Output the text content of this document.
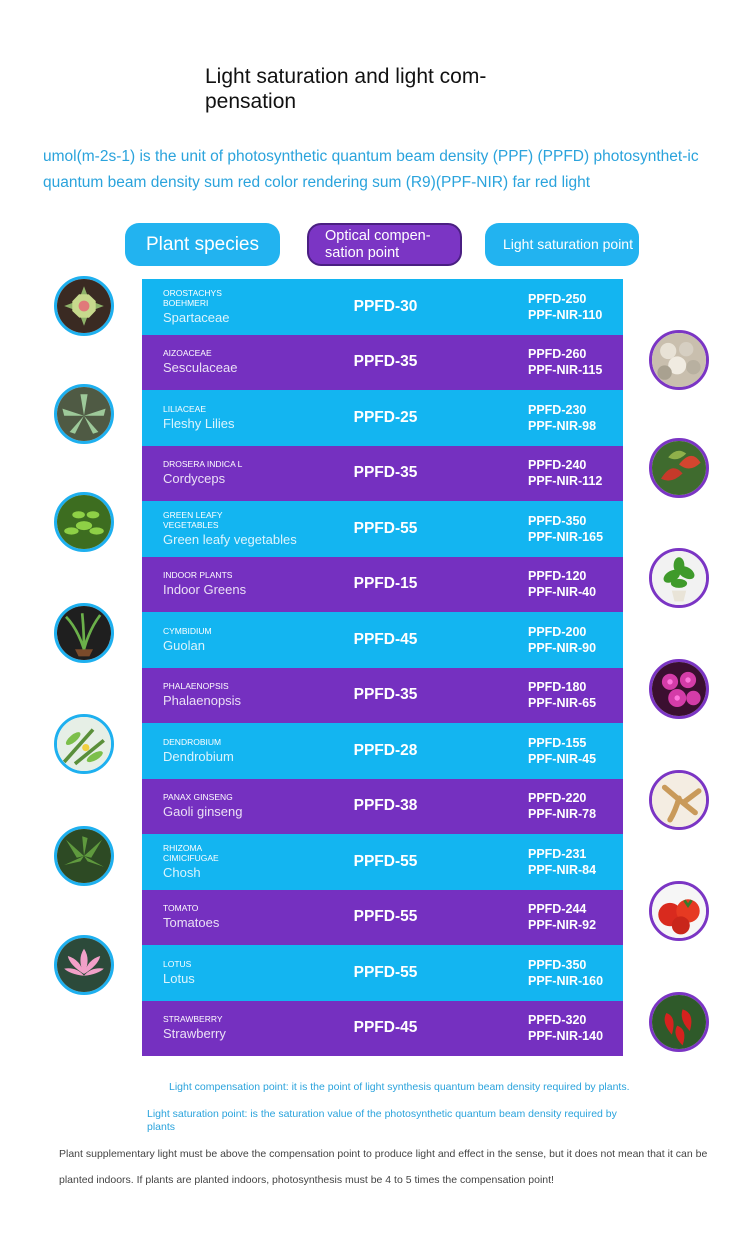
Light saturation and light com-
pensation
umol(m-2s-1) is the unit of photosynthetic quantum beam density (PPF) (PPFD) photosynthet-ic quantum beam density sum red color rendering sum (R9)(PPF-NIR) far red light
Plant species	Optical compen-sation point
Light saturation point
OROSTACHYS BOEHMERI
Spartaceae
PPFD-30	PPFD-250
PPF-NIR-110
AIZOACEAE
Sesculaceae	PPFD-35	PPFD-260
PPF-NIR-115
LILIACEAE
Fleshy Lilies	PPFD-25	PPFD-230
PPF-NIR-98
DROSERA INDICA L
Cordyceps	PPFD-35	PPFD-240
PPF-NIR-112
GREEN LEAFY VEGETABLES
Green leafy vegetables
PPFD-55	PPFD-350
PPF-NIR-165
INDOOR PLANTS
Indoor Greens	PPFD-15	PPFD-120
PPF-NIR-40
CYMBIDIUM
Guolan	PPFD-45	PPFD-200
PPF-NIR-90
PHALAENOPSIS
Phalaenopsis	PPFD-35	PPFD-180
PPF-NIR-65
DENDROBIUM
Dendrobium	PPFD-28	PPFD-155
PPF-NIR-45
PANAX GINSENG
Gaoli ginseng	PPFD-38	PPFD-220
PPF-NIR-78
RHIZOMA CIMICIFUGAE
Chosh
PPFD-55	PPFD-231
PPF-NIR-84
TOMATO
Tomatoes	PPFD-55	PPFD-244
PPF-NIR-92
LOTUS
Lotus	PPFD-55	PPFD-350
PPF-NIR-160
STRAWBERRY
Strawberry	PPFD-45	PPFD-320
PPF-NIR-140
Light compensation point: it is the point of light synthesis quantum beam density required by plants.
Light saturation point: is the saturation value of the photosynthetic quantum beam density required by plants
Plant supplementary light must be above the compensation point to produce light and effect in the sense, but it does not mean that it can be planted indoors. If plants are planted indoors, photosynthesis must be 4 to 5 times the compensation point!
